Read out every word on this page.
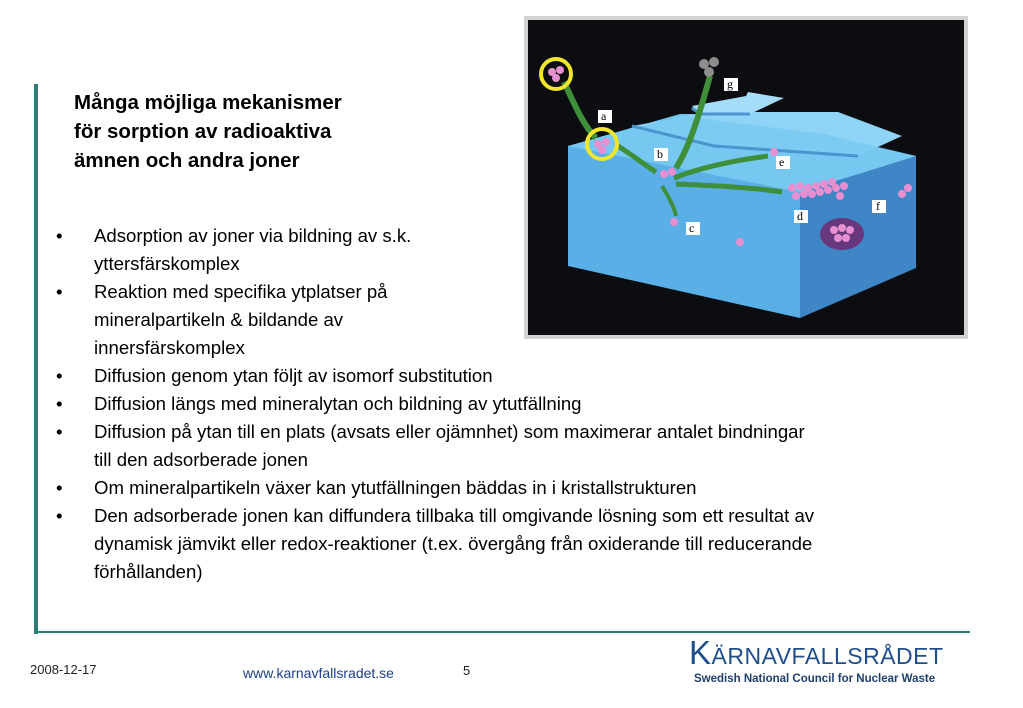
Många möjliga mekanismer
för sorption av radioaktiva
ämnen och andra joner
• Adsorption av joner via bildning av s.k.
yttersfärskomplex
• Reaktion med specifika ytplatser på
mineralpartikeln & bildande av
innersfärskomplex
• Diffusion genom ytan följt av isomorf substitution
• Diffusion längs med mineralytan och bildning av ytutfällning
• Diffusion på ytan till en plats (avsats eller ojämnhet) som maximerar antalet bindningar
till den adsorberade jonen
• Om mineralpartikeln växer kan ytutfällningen bäddas in i kristallstrukturen
• Den adsorberade jonen kan diffundera tillbaka till omgivande lösning som ett resultat av
dynamisk jämvikt eller redox-reaktioner (t.ex. övergång från oxiderande till reducerande
förhållanden)
a
b
c
d
e
f
g
2008-12-17	www.karnavfallsradet.se	5	Kärnavfallsrådet
Swedish National Council for Nuclear Waste
